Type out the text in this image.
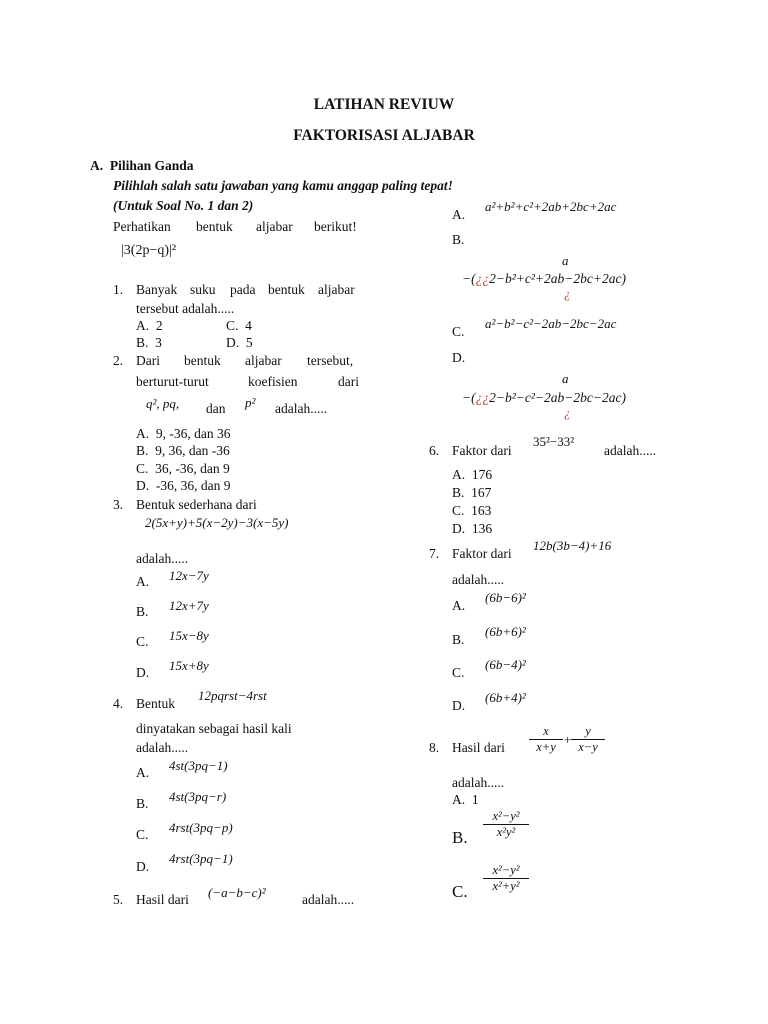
LATIHAN REVIUW
FAKTORISASI ALJABAR
A. Pilihan Ganda
Pilihlah salah satu jawaban yang kamu anggap paling tepat!
(Untuk Soal No. 1 dan 2)
Perhatikan bentuk aljabar berikut!
|3(2p−q)|²
1. Banyak suku pada bentuk aljabar
tersebut adalah.....
A. 2	C. 4
B. 3	D. 5
2. Dari bentuk aljabar tersebut,
berturut-turut	koefisien	dari
q², pq, dan p² adalah.....
A. 9, -36, dan 36
B. 9, 36, dan -36
C. 36, -36, dan 9
D. -36, 36, dan 9
3. Bentuk sederhana dari
2(5x+y)+5(x−2y)−3(x−5y)
adalah.....
A. 12x−7y
B. 12x+7y
C. 15x−8y
D. 15x+8y
4. Bentuk
12pqrst−4rst
dinyatakan sebagai hasil kali
adalah.....
A. 4st(3pq−1)
B. 4st(3pq−r)
C. 4rst(3pq−p)
D.
4rst(3pq−1)
5. Hasil dari (−a−b−c)²	adalah.....
A.
a²+b²+c²+2ab+2bc+2ac
B.
a
−(¿¿2−b²+c²+2ab−2bc+2ac)
¿
C.
a²−b²−c²−2ab−2bc−2ac
D.
a
−(¿¿2−b²−c²−2ab−2bc−2ac)
¿
6. Faktor dari
35²−33²
adalah.....
A. 176
B. 167
C. 163
D. 136
7. Faktor dari
12b(3b−4)+16
adalah.....
A.
(6b−6)²
B.
(6b+6)²
C.
(6b−4)²
D.
(6b+4)²
8. Hasil dari $\frac{x}{x+y} + \frac{y}{x-y}$
adalah.....
A. 1
B. $\frac{\text{x²−y²}}{\text{x²y²}}$
C. $\frac{\text{x²−y²}}{\text{x²+y²}}$
